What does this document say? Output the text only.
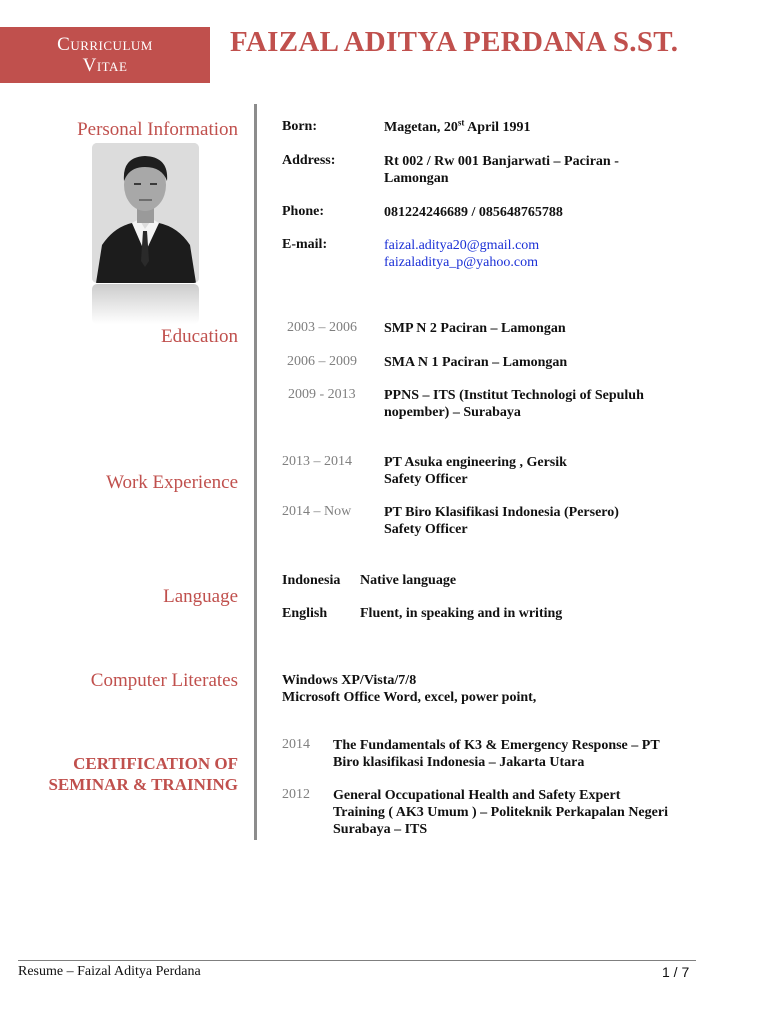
Curriculum
Vitae
FAIZAL ADITYA PERDANA S.ST.
Personal Information
Education
Work Experience
Language
Computer Literates
CERTIFICATION OF
SEMINAR & TRAINING
Born:	Magetan, 20st April 1991
Address:	Rt 002 / Rw 001 Banjarwati – Paciran - Lamongan
Phone:	081224246689 / 085648765788
E-mail:	faizal.aditya20@gmail.com
faizaladitya_p@yahoo.com
2003 – 2006 SMP N 2 Paciran – Lamongan
2006 – 2009 SMA N 1 Paciran – Lamongan
2009 - 2013 PPNS – ITS (Institut Technologi of Sepuluh nopember) – Surabaya
2013 – 2014 PT Asuka engineering , Gersik
Safety Officer
2014 – Now PT Biro Klasifikasi Indonesia (Persero)
Safety Officer
Indonesia Native language
English Fluent, in speaking and in writing
Windows XP/Vista/7/8
Microsoft Office Word, excel, power point,
2014 The Fundamentals of K3 & Emergency Response – PT Biro klasifikasi Indonesia – Jakarta Utara
2012 General Occupational Health and Safety Expert Training ( AK3 Umum ) – Politeknik Perkapalan Negeri Surabaya – ITS
Resume – Faizal Aditya Perdana	1 / 7
